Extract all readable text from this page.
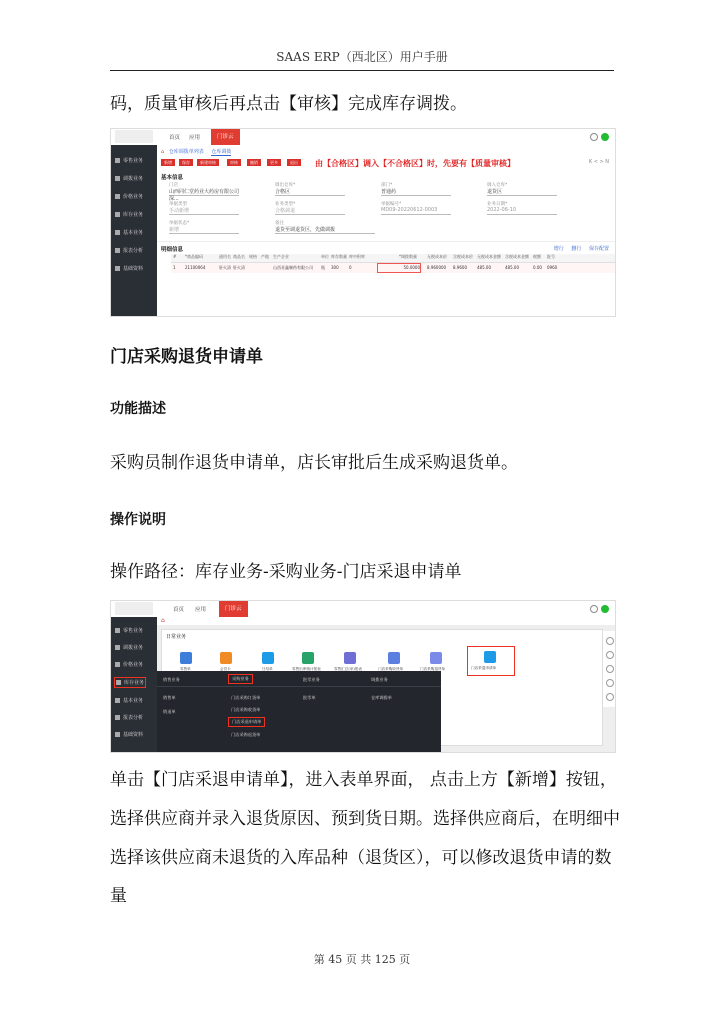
SAAS ERP（西北区）用户手册
码，质量审核后再点击【审核】完成库存调拨。
首页 应用	门诊云
零售业务
调拨业务
价格业务
库存业务
基本业务
报表分析
基础资料
⌂ 仓库调拨单列表 仓库调拨
新增	保存	新建审核	审核	撤销	更多	退出	由【合格区】调入【不合格区】时，先要有【质量审核】	K < > N
基本信息
门店
山西同仁堂药业大药房有限公司深...
调出仓库*
合格区
部门*
普通药
调入仓库*
退货区
单据类型
手动新增
业务类型*
合格调退
单据编号*
MD09-20220612-0003
业务日期*
2022-06-10
单据状态*
新增
备注
退货至调退货区，先做调拨
明细信息	增行 删行 保存配置
# *商品编码	通用名 商品名 规格 产地 生产企业	单位 库存数量 库中积库	*调拨数量	无税成本价 含税成本价 无税成本金额 含税成本金额 税额 批号
1 21100064	肝火清 肝火清	山西亚鑫制药有限公司 瓶 300	0	50.0000 8.960000 8.9600	485.00	485.00	0.00 0960
门店采购退货申请单
功能描述
采购员制作退货申请单，店长审批后生成采购退货单。
操作说明
操作路径：库存业务-采购业务-门店采退申请单
首页 应用	门诊云
零售业务
调拨业务
价格业务
库存业务
基本业务
报表分析
基础资料
⌂
日常业务
零售单	会员卡	日结单	零售出库统计报表	零售汇总(单)报表	门店采购收货单	门店采购退货单	门店采退申请单
销售业务	采购业务	批零业务	调拨业务
销售单
销退单
门店采购订货单
门店采购收货单
门店采退申请单
门店采购退货单
批零单	仓库调拨单
单击【门店采退申请单】，进入表单界面， 点击上方【新增】按钮，
选择供应商并录入退货原因、预到货日期。选择供应商后，在明细中
选择该供应商未退货的入库品种（退货区），可以修改退货申请的数
量
第 45 页 共 125 页
